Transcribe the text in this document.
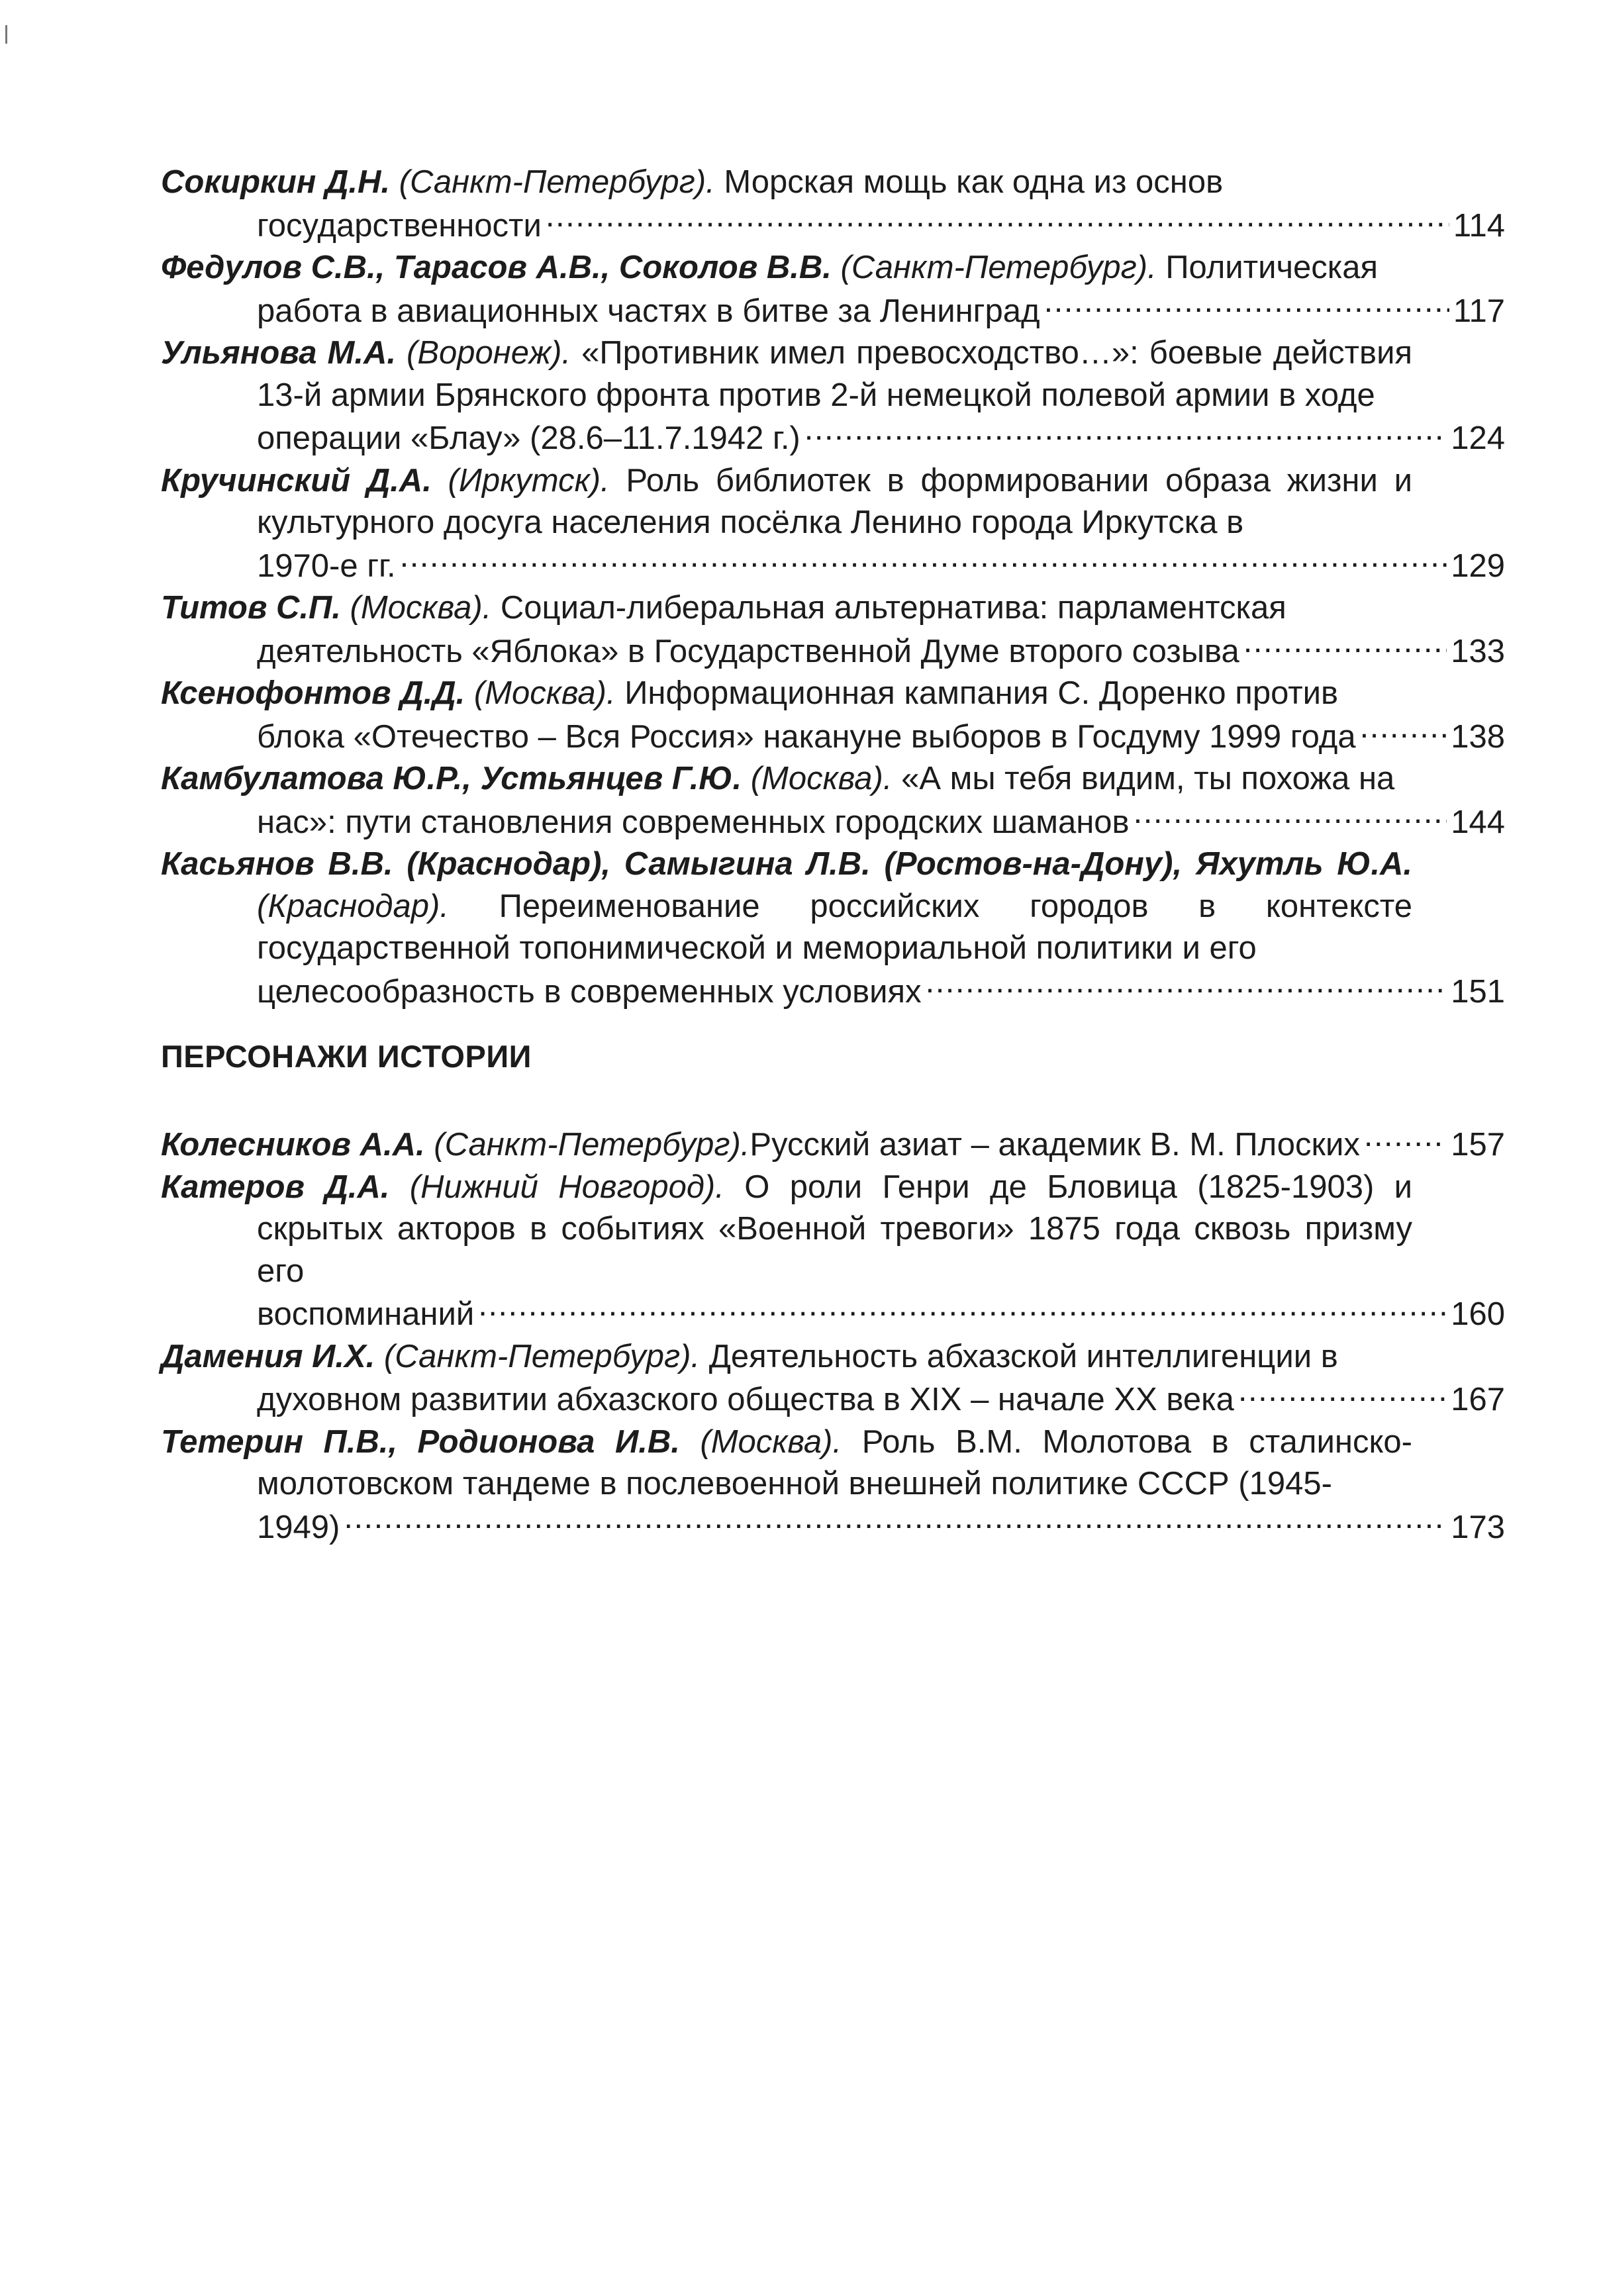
Сокиркин Д.Н. (Санкт-Петербург). Морская мощь как одна из основ
государственности .....	114
Федулов С.В., Тарасов А.В., Соколов В.В. (Санкт-Петербург). Политическая
работа в авиационных частях в битве за Ленинград .....	117
Ульянова М.А. (Воронеж). «Противник имел превосходство…»: боевые действия 13-й армии Брянского фронта против 2-й немецкой полевой армии в ходе
операции «Блау» (28.6–11.7.1942 г.) .....	124
Кручинский Д.А. (Иркутск). Роль библиотек в формировании образа жизни и культурного досуга населения посёлка Ленино города Иркутска в
1970-е гг. .....	129
Титов С.П. (Москва). Социал-либеральная альтернатива: парламентская
деятельность «Яблока» в Государственной Думе второго созыва .....	133
Ксенофонтов Д.Д. (Москва). Информационная кампания С. Доренко против
блока «Отечество – Вся Россия» накануне выборов в Госдуму 1999 года .....	138
Камбулатова Ю.Р., Устьянцев Г.Ю. (Москва). «А мы тебя видим, ты похожа на
нас»: пути становления современных городских шаманов .....	144
Касьянов В.В. (Краснодар), Самыгина Л.В. (Ростов-на-Дону), Яхутль Ю.А. (Краснодар). Переименование российских городов в контексте государственной топонимической и мемориальной политики и его
целесообразность в современных условиях .....	151
ПЕРСОНАЖИ ИСТОРИИ
Колесников А.А. (Санкт-Петербург). Русский азиат – академик В. М. Плоских .....	157
Катеров Д.А. (Нижний Новгород). О роли Генри де Бловица (1825-1903) и скрытых акторов в событиях «Военной тревоги» 1875 года сквозь призму его
воспоминаний .....	160
Дамения И.Х. (Санкт-Петербург). Деятельность абхазской интеллигенции в
духовном развитии абхазского общества в XIX – начале XX века .....	167
Тетерин П.В., Родионова И.В. (Москва). Роль В.М. Молотова в сталинско- молотовском тандеме в послевоенной внешней политике СССР (1945-
1949) .....	173
